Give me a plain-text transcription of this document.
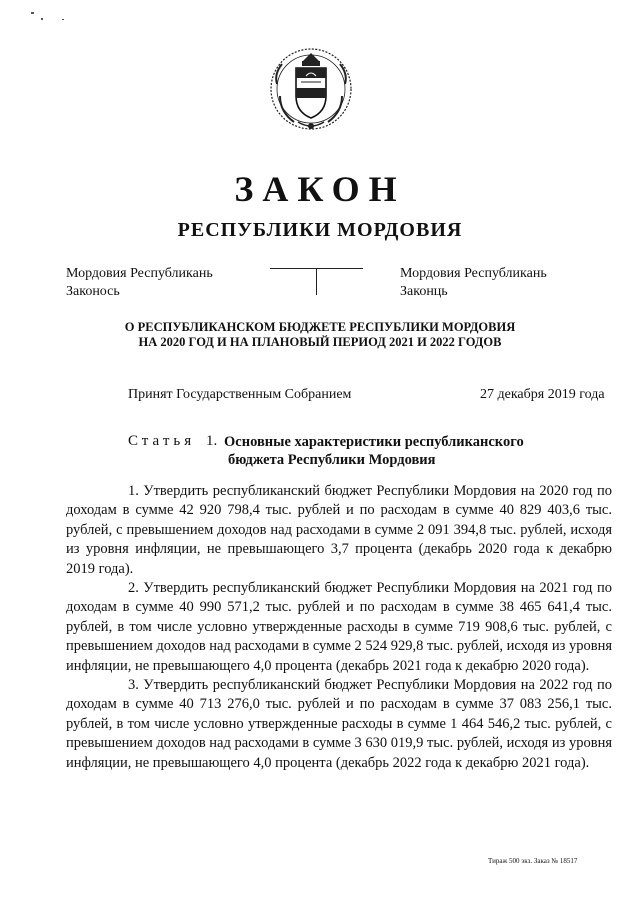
ЗАКОН
РЕСПУБЛИКИ МОРДОВИЯ
Мордовия Республикань
Законось
Мордовия Республикань
Законць
О РЕСПУБЛИКАНСКОМ БЮДЖЕТЕ РЕСПУБЛИКИ МОРДОВИЯ
НА 2020 ГОД И НА ПЛАНОВЫЙ ПЕРИОД 2021 И 2022 ГОДОВ
Принят Государственным Собранием	27 декабря 2019 года
Статья 1. Основные характеристики республиканского
бюджета Республики Мордовия

1. Утвердить республиканский бюджет Республики Мордовия на 2020 год по доходам в сумме 42 920 798,4 тыс. рублей и по расходам в сумме 40 829 403,6 тыс. рублей, с превышением доходов над расходами в сумме 2 091 394,8 тыс. рублей, исходя из уровня инфляции, не превышающего 3,7 процента (декабрь 2020 года к декабрю 2019 года).

2. Утвердить республиканский бюджет Республики Мордовия на 2021 год по доходам в сумме 40 990 571,2 тыс. рублей и по расходам в сумме 38 465 641,4 тыс. рублей, в том числе условно утвержденные расходы в сумме 719 908,6 тыс. рублей, с превышением доходов над расходами в сумме 2 524 929,8 тыс. рублей, исходя из уровня инфляции, не превышающего 4,0 процента (декабрь 2021 года к декабрю 2020 года).

3. Утвердить республиканский бюджет Республики Мордовия на 2022 год по доходам в сумме 40 713 276,0 тыс. рублей и по расходам в сумме 37 083 256,1 тыс. рублей, в том числе условно утвержденные расходы в сумме 1 464 546,2 тыс. рублей, с превышением доходов над расходами в сумме 3 630 019,9 тыс. рублей, исходя из уровня инфляции, не превышающего 4,0 процента (декабрь 2022 года к декабрю 2021 года).

Тираж 500 экз. Заказ № 18517
